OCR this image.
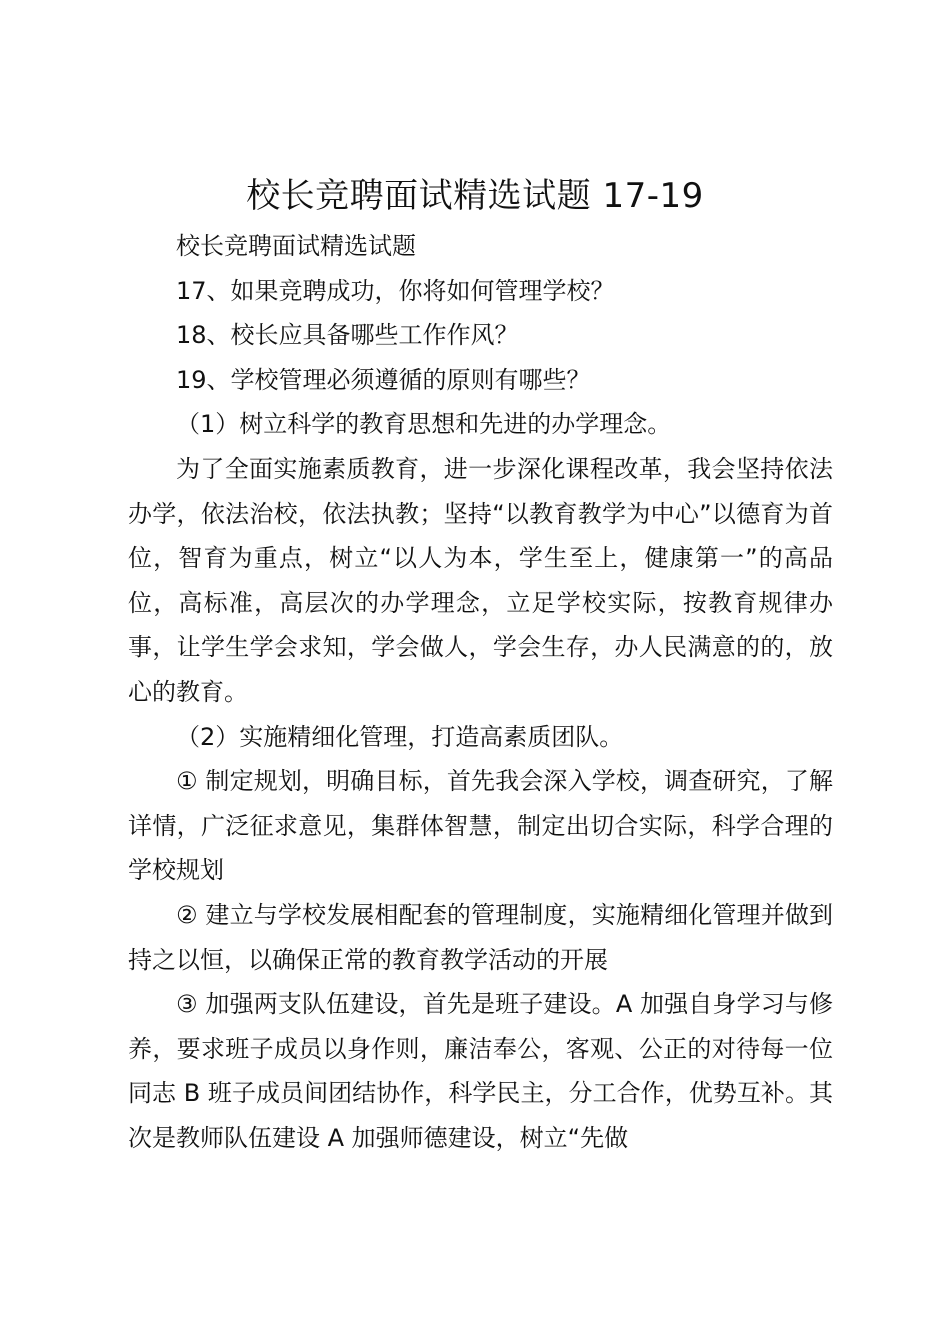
校长竞聘面试精选试题 17-19

校长竞聘面试精选试题

17、如果竞聘成功，你将如何管理学校？

18、校长应具备哪些工作作风？

19、学校管理必须遵循的原则有哪些？

（1）树立科学的教育思想和先进的办学理念。

为了全面实施素质教育，进一步深化课程改革，我会坚持依法办学，依法治校，依法执教；坚持“以教育教学为中心”以德育为首位，智育为重点，树立“以人为本，学生至上，健康第一”的高品位，高标准，高层次的办学理念，立足学校实际，按教育规律办事，让学生学会求知，学会做人，学会生存，办人民满意的的，放心的教育。

（2）实施精细化管理，打造高素质团队。

① 制定规划，明确目标，首先我会深入学校，调查研究，了解详情，广泛征求意见，集群体智慧，制定出切合实际，科学合理的学校规划

② 建立与学校发展相配套的管理制度，实施精细化管理并做到持之以恒，以确保正常的教育教学活动的开展

③ 加强两支队伍建设，首先是班子建设。A 加强自身学习与修养，要求班子成员以身作则，廉洁奉公，客观、公正的对待每一位同志 B 班子成员间团结协作，科学民主，分工合作，优势互补。其次是教师队伍建设 A 加强师德建设，树立“先做
